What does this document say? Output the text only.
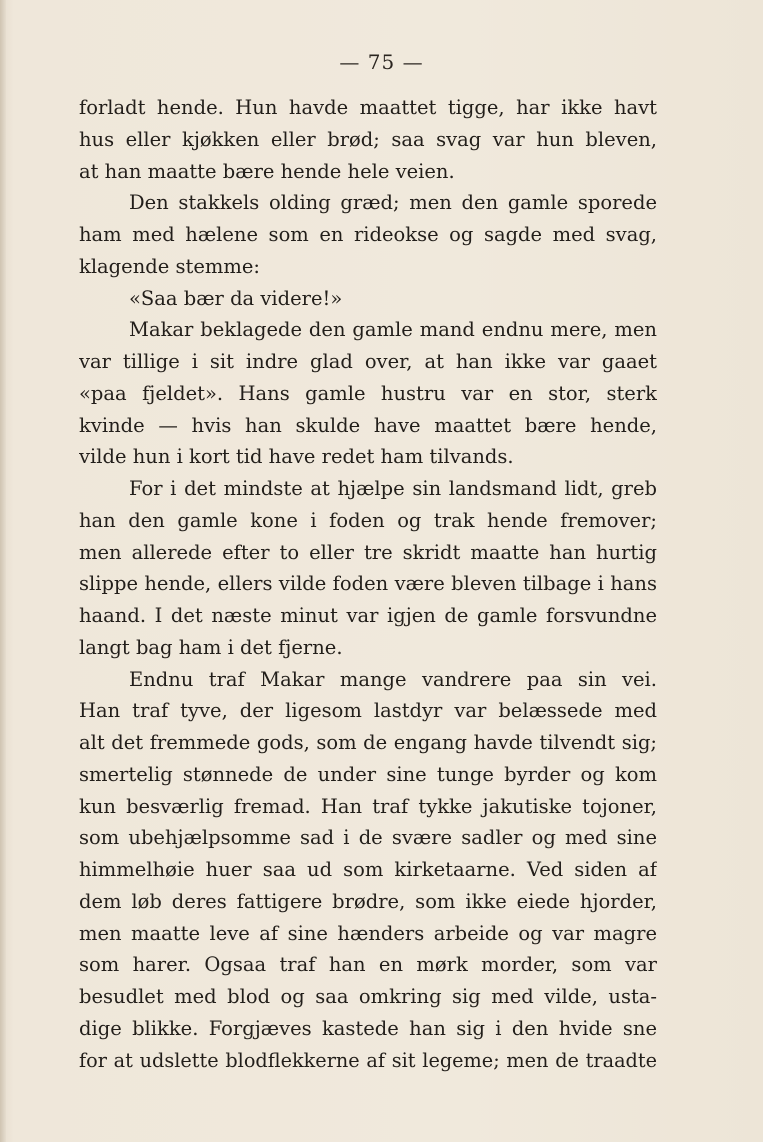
— 75 —
forladt hende. Hun havde maattet tigge, har ikke havt
hus eller kjøkken eller brød; saa svag var hun bleven,
at han maatte bære hende hele veien.
Den stakkels olding græd; men den gamle sporede
ham med hælene som en rideokse og sagde med svag,
klagende stemme:
«Saa bær da videre!»
Makar beklagede den gamle mand endnu mere, men
var tillige i sit indre glad over, at han ikke var gaaet
«paa fjeldet». Hans gamle hustru var en stor, sterk
kvinde — hvis han skulde have maattet bære hende,
vilde hun i kort tid have redet ham tilvands.
For i det mindste at hjælpe sin landsmand lidt, greb
han den gamle kone i foden og trak hende fremover;
men allerede efter to eller tre skridt maatte han hurtig
slippe hende, ellers vilde foden være bleven tilbage i hans
haand. I det næste minut var igjen de gamle forsvundne
langt bag ham i det fjerne.
Endnu traf Makar mange vandrere paa sin vei.
Han traf tyve, der ligesom lastdyr var belæssede med
alt det fremmede gods, som de engang havde tilvendt sig;
smertelig stønnede de under sine tunge byrder og kom
kun besværlig fremad. Han traf tykke jakutiske tojoner,
som ubehjælpsomme sad i de svære sadler og med sine
himmelhøie huer saa ud som kirketaarne. Ved siden af
dem løb deres fattigere brødre, som ikke eiede hjorder,
men maatte leve af sine hænders arbeide og var magre
som harer. Ogsaa traf han en mørk morder, som var
besudlet med blod og saa omkring sig med vilde, usta-
dige blikke. Forgjæves kastede han sig i den hvide sne
for at udslette blodflekkerne af sit legeme; men de traadte
